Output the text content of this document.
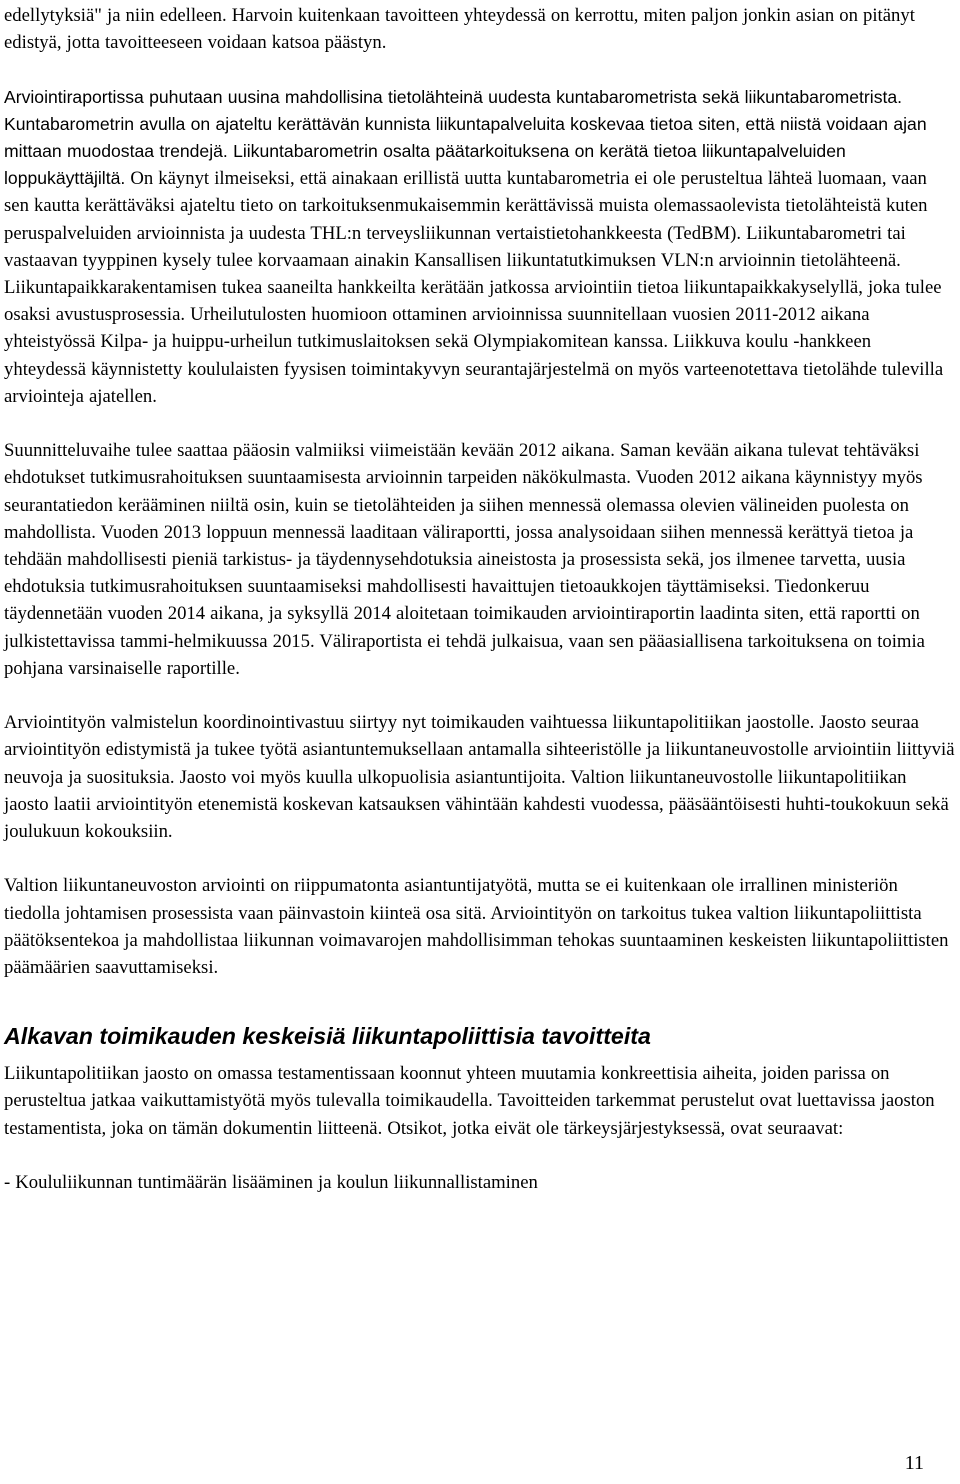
edellytyksiä" ja niin edelleen. Harvoin kuitenkaan tavoitteen yhteydessä on kerrottu, miten paljon jonkin asian on pitänyt edistyä, jotta tavoitteeseen voidaan katsoa päästyn.

Arviointiraportissa puhutaan uusina mahdollisina tietolähteinä uudesta kuntabarometrista sekä liikuntabarometrista. Kuntabarometrin avulla on ajateltu kerättävän kunnista liikuntapalveluita koskevaa tietoa siten, että niistä voidaan ajan mittaan muodostaa trendejä. Liikuntabarometrin osalta päätarkoituksena on kerätä tietoa liikuntapalveluiden loppukäyttäjiltä. On käynyt ilmeiseksi, että ainakaan erillistä uutta kuntabarometria ei ole perusteltua lähteä luomaan, vaan sen kautta kerättäväksi ajateltu tieto on tarkoituksenmukaisemmin kerättävissä muista olemassaolevista tietolähteistä kuten peruspalveluiden arvioinnista ja uudesta THL:n terveysliikunnan vertaistietohankkeesta (TedBM). Liikuntabarometri tai vastaavan tyyppinen kysely tulee korvaamaan ainakin Kansallisen liikuntatutkimuksen VLN:n arvioinnin tietolähteenä. Liikuntapaikkarakentamisen tukea saaneilta hankkeilta kerätään jatkossa arviointiin tietoa liikuntapaikkakyselyllä, joka tulee osaksi avustusprosessia. Urheilutulosten huomioon ottaminen arvioinnissa suunnitellaan vuosien 2011-2012 aikana yhteistyössä Kilpa- ja huippu-urheilun tutkimuslaitoksen sekä Olympiakomitean kanssa. Liikkuva koulu -hankkeen yhteydessä käynnistetty koululaisten fyysisen toimintakyvyn seurantajärjestelmä on myös varteenotettava tietolähde tulevilla arviointeja ajatellen.

Suunnitteluvaihe tulee saattaa pääosin valmiiksi viimeistään kevään 2012 aikana. Saman kevään aikana tulevat tehtäväksi ehdotukset tutkimusrahoituksen suuntaamisesta arvioinnin tarpeiden näkökulmasta. Vuoden 2012 aikana käynnistyy myös seurantatiedon kerääminen niiltä osin, kuin se tietolähteiden ja siihen mennessä olemassa olevien välineiden puolesta on mahdollista. Vuoden 2013 loppuun mennessä laaditaan väliraportti, jossa analysoidaan siihen mennessä kerättyä tietoa ja tehdään mahdollisesti pieniä tarkistus- ja täydennysehdotuksia aineistosta ja prosessista sekä, jos ilmenee tarvetta, uusia ehdotuksia tutkimusrahoituksen suuntaamiseksi mahdollisesti havaittujen tietoaukkojen täyttämiseksi. Tiedonkeruu täydennetään vuoden 2014 aikana, ja syksyllä 2014 aloitetaan toimikauden arviointiraportin laadinta siten, että raportti on julkistettavissa tammi-helmikuussa 2015. Väliraportista ei tehdä julkaisua, vaan sen pääasiallisena tarkoituksena on toimia pohjana varsinaiselle raportille.

Arviointityön valmistelun koordinointivastuu siirtyy nyt toimikauden vaihtuessa liikuntapolitiikan jaostolle. Jaosto seuraa arviointityön edistymistä ja tukee työtä asiantuntemuksellaan antamalla sihteeristölle ja liikuntaneuvostolle arviointiin liittyviä neuvoja ja suosituksia. Jaosto voi myös kuulla ulkopuolisia asiantuntijoita. Valtion liikuntaneuvostolle liikuntapolitiikan jaosto laatii arviointityön etenemistä koskevan katsauksen vähintään kahdesti vuodessa, pääsääntöisesti huhti-toukokuun sekä joulukuun kokouksiin.

Valtion liikuntaneuvoston arviointi on riippumatonta asiantuntijatyötä, mutta se ei kuitenkaan ole irrallinen ministeriön tiedolla johtamisen prosessista vaan päinvastoin kiinteä osa sitä. Arviointityön on tarkoitus tukea valtion liikuntapoliittista päätöksentekoa ja mahdollistaa liikunnan voimavarojen mahdollisimman tehokas suuntaaminen keskeisten liikuntapoliittisten päämäärien saavuttamiseksi.

Alkavan toimikauden keskeisiä liikuntapoliittisia tavoitteita

Liikuntapolitiikan jaosto on omassa testamentissaan koonnut yhteen muutamia konkreettisia aiheita, joiden parissa on perusteltua jatkaa vaikuttamistyötä myös tulevalla toimikaudella. Tavoitteiden tarkemmat perustelut ovat luettavissa jaoston testamentista, joka on tämän dokumentin liitteenä. Otsikot, jotka eivät ole tärkeysjärjestyksessä, ovat seuraavat:

- Koululiikunnan tuntimäärän lisääminen ja koulun liikunnallistaminen

11
